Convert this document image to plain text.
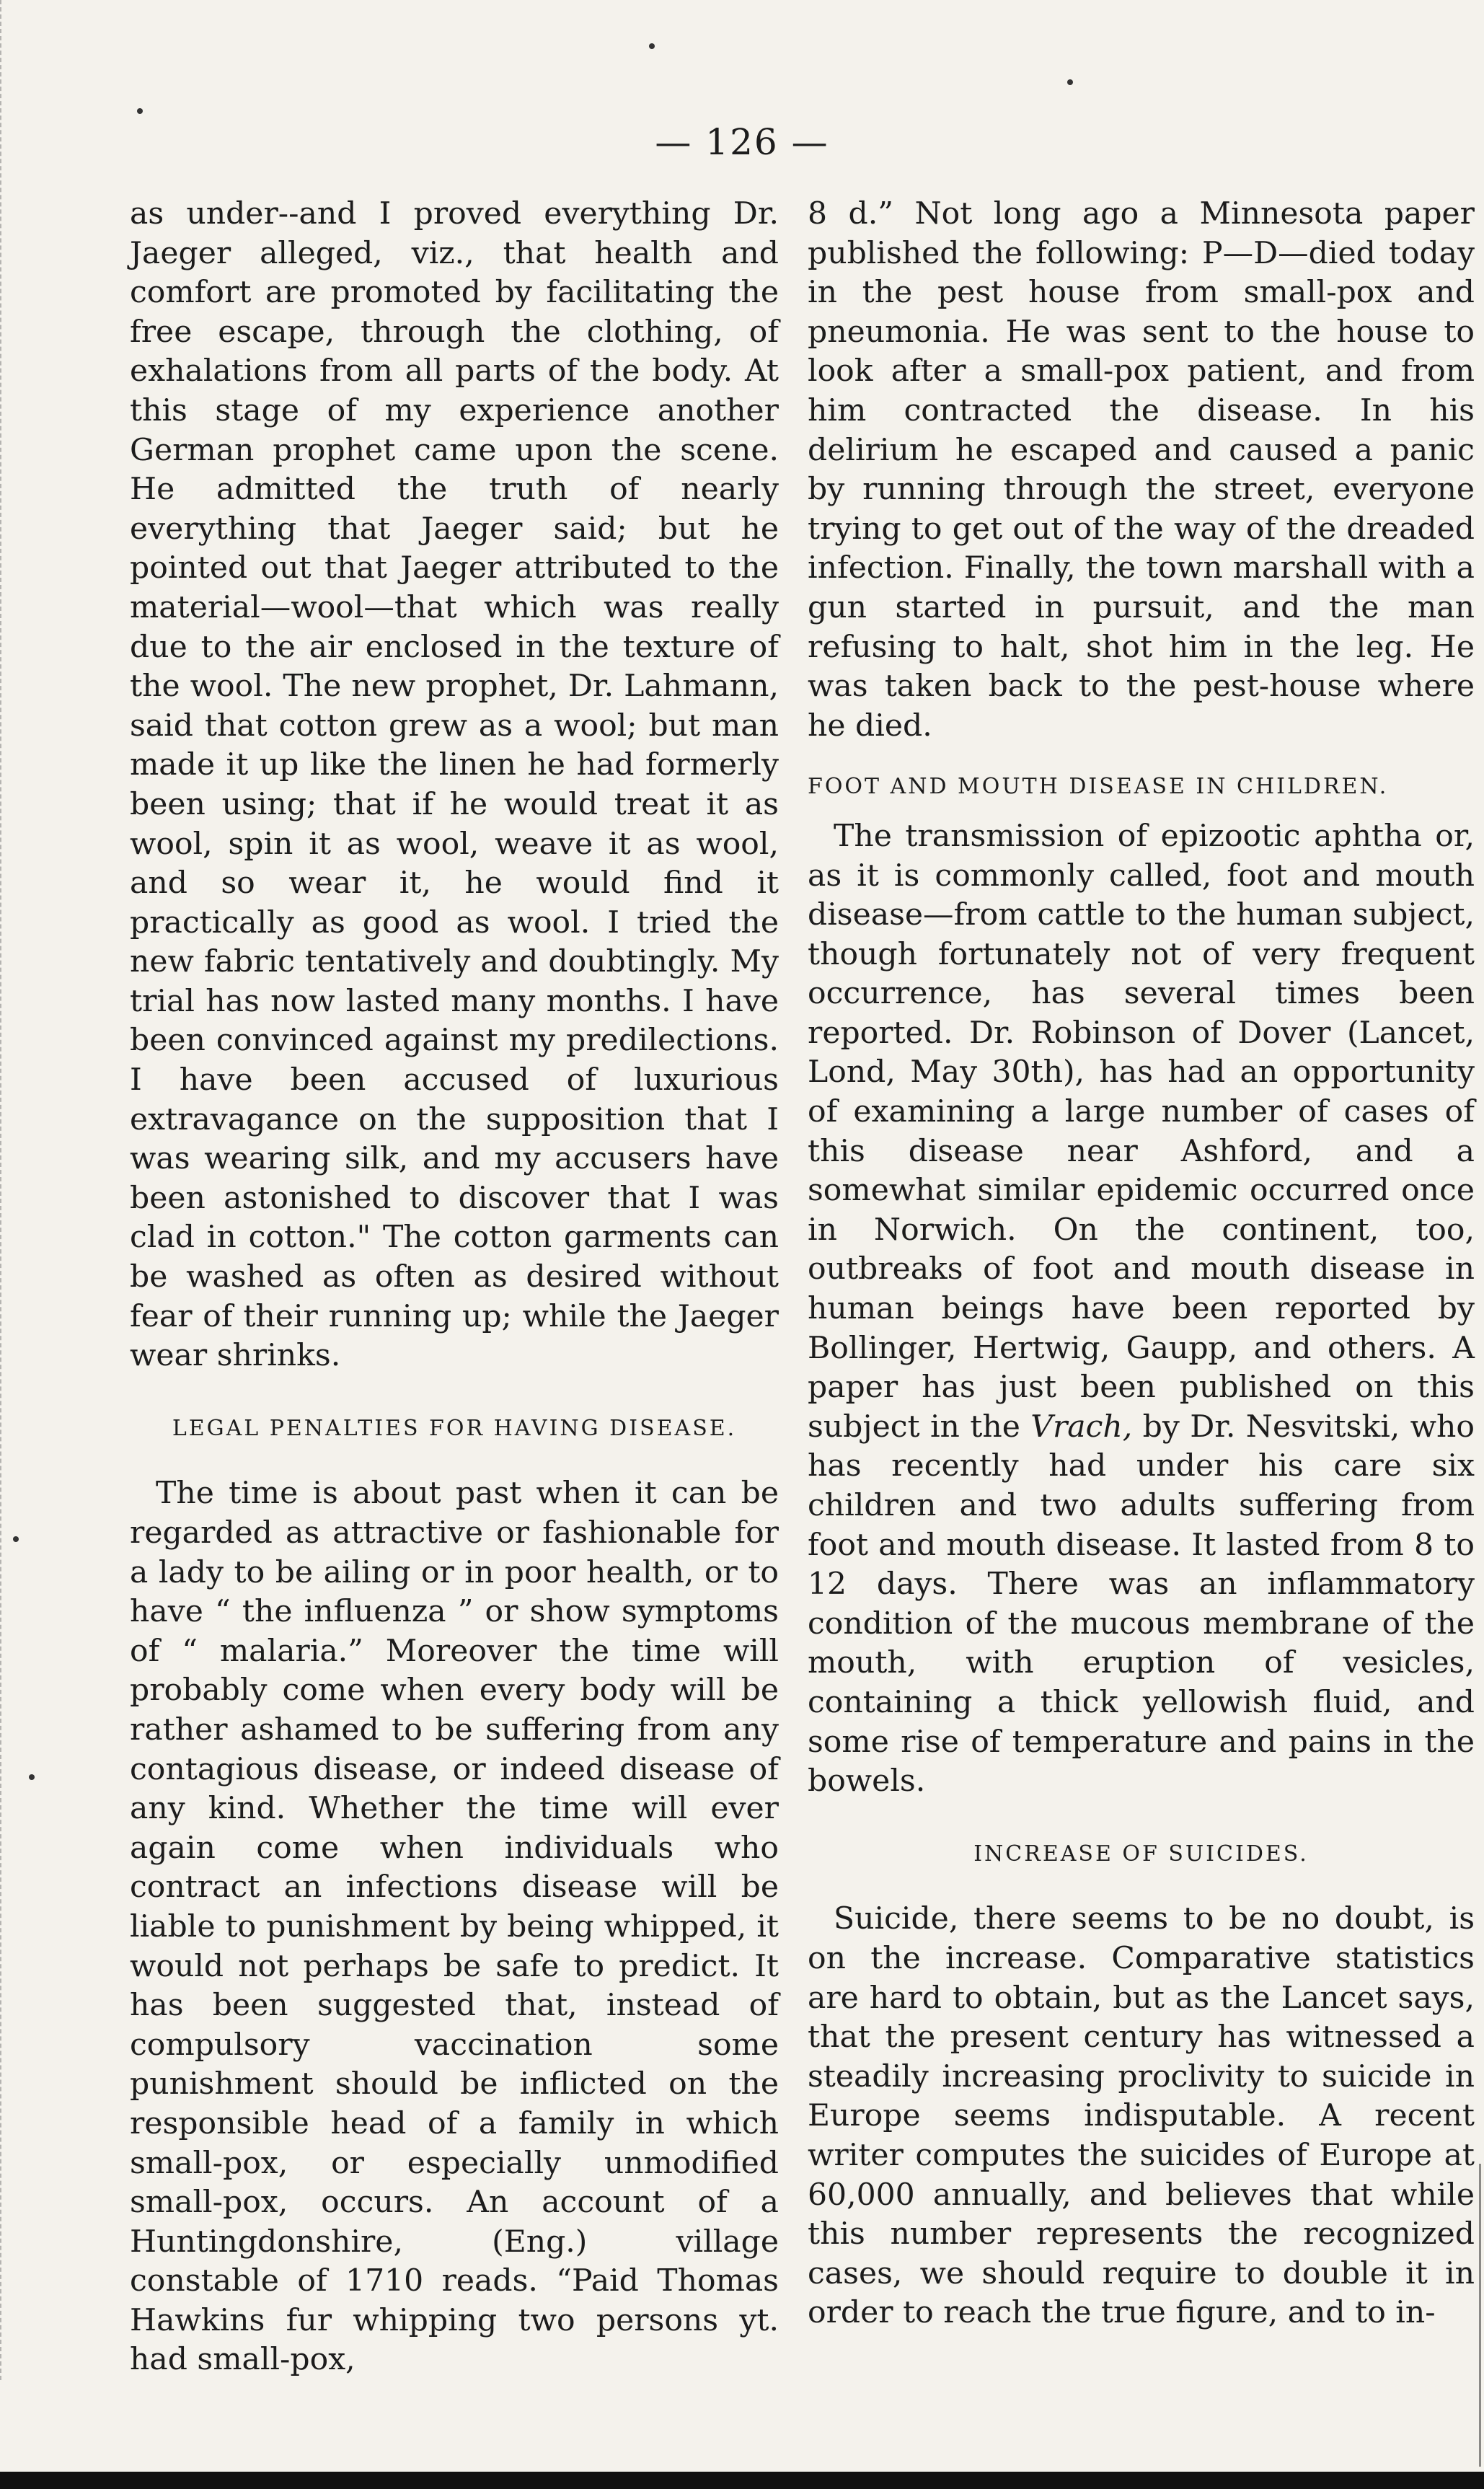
— 126 —

as under--and I proved everything Dr. Jaeger alleged, viz., that health and comfort are promoted by facilitating the free escape, through the clothing, of exhalations from all parts of the body. At this stage of my experience another German prophet came upon the scene. He admitted the truth of nearly everything that Jaeger said; but he pointed out that Jaeger attributed to the material—wool—that which was really due to the air enclosed in the texture of the wool. The new prophet, Dr. Lahmann, said that cotton grew as a wool; but man made it up like the linen he had formerly been using; that if he would treat it as wool, spin it as wool, weave it as wool, and so wear it, he would find it practically as good as wool. I tried the new fabric tentatively and doubtingly. My trial has now lasted many months. I have been convinced against my predilections. I have been accused of luxurious extravagance on the supposition that I was wearing silk, and my accusers have been astonished to discover that I was clad in cotton." The cotton garments can be washed as often as desired without fear of their running up; while the Jaeger wear shrinks.

LEGAL PENALTIES FOR HAVING DISEASE.

The time is about past when it can be regarded as attractive or fashionable for a lady to be ailing or in poor health, or to have “ the influenza ” or show symptoms of “ malaria.” Moreover the time will probably come when every body will be rather ashamed to be suffering from any contagious disease, or indeed disease of any kind. Whether the time will ever again come when individuals who contract an infections disease will be liable to punishment by being whipped, it would not perhaps be safe to predict. It has been suggested that, instead of compulsory vaccination some punishment should be inflicted on the responsible head of a family in which small-pox, or especially unmodified small-pox, occurs. An account of a Huntingdonshire, (Eng.) village constable of 1710 reads. “Paid Thomas Hawkins fur whipping two persons yt. had small-pox,

8 d.” Not long ago a Minnesota paper published the following: P—D—died today in the pest house from small-pox and pneumonia. He was sent to the house to look after a small-pox patient, and from him contracted the disease. In his delirium he escaped and caused a panic by running through the street, everyone trying to get out of the way of the dreaded infection. Finally, the town marshall with a gun started in pursuit, and the man refusing to halt, shot him in the leg. He was taken back to the pest-house where he died.

FOOT AND MOUTH DISEASE IN CHILDREN.

The transmission of epizootic aphtha or, as it is commonly called, foot and mouth disease—from cattle to the human subject, though fortunately not of very frequent occurrence, has several times been reported. Dr. Robinson of Dover (Lancet, Lond, May 30th), has had an opportunity of examining a large number of cases of this disease near Ashford, and a somewhat similar epidemic occurred once in Norwich. On the continent, too, outbreaks of foot and mouth disease in human beings have been reported by Bollinger, Hertwig, Gaupp, and others. A paper has just been published on this subject in the Vrach, by Dr. Nesvitski, who has recently had under his care six children and two adults suffering from foot and mouth disease. It lasted from 8 to 12 days. There was an inflammatory condition of the mucous membrane of the mouth, with eruption of vesicles, containing a thick yellowish fluid, and some rise of temperature and pains in the bowels.

INCREASE OF SUICIDES.

Suicide, there seems to be no doubt, is on the increase. Comparative statistics are hard to obtain, but as the Lancet says, that the present century has witnessed a steadily increasing proclivity to suicide in Europe seems indisputable. A recent writer computes the suicides of Europe at 60,000 annually, and believes that while this number represents the recognized cases, we should require to double it in order to reach the true figure, and to in-
